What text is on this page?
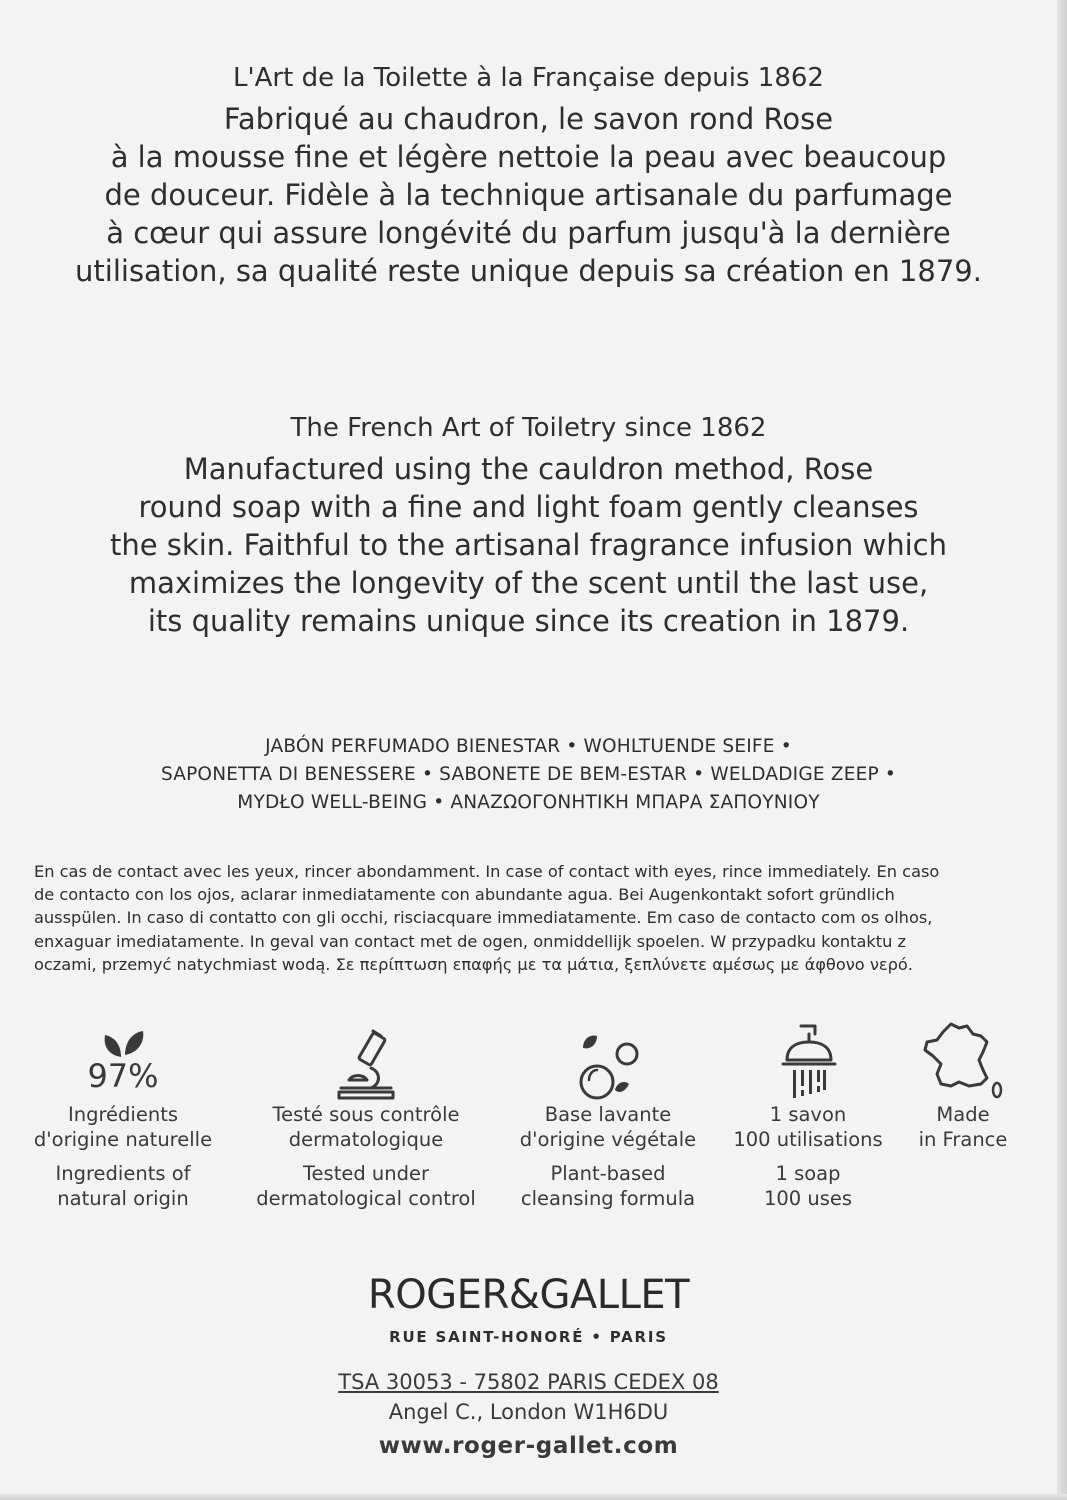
L'Art de la Toilette à la Française depuis 1862
Fabriqué au chaudron, le savon rond Rose
à la mousse fine et légère nettoie la peau avec beaucoup
de douceur. Fidèle à la technique artisanale du parfumage
à cœur qui assure longévité du parfum jusqu'à la dernière
utilisation, sa qualité reste unique depuis sa création en 1879.
The French Art of Toiletry since 1862
Manufactured using the cauldron method, Rose
round soap with a fine and light foam gently cleanses
the skin. Faithful to the artisanal fragrance infusion which
maximizes the longevity of the scent until the last use,
its quality remains unique since its creation in 1879.
JABÓN PERFUMADO BIENESTAR • WOHLTUENDE SEIFE •
SAPONETTA DI BENESSERE • SABONETE DE BEM-ESTAR • WELDADIGE ZEEP •
MYDŁO WELL-BEING • ΑΝΑΖΩΟΓΟΝΗΤΙΚΗ ΜΠΑΡΑ ΣΑΠΟΥΝΙΟΥ
En cas de contact avec les yeux, rincer abondamment. In case of contact with eyes, rince immediately. En caso
de contacto con los ojos, aclarar inmediatamente con abundante agua. Bei Augenkontakt sofort gründlich
ausspülen. In caso di contatto con gli occhi, risciacquare immediatamente. Em caso de contacto com os olhos,
enxaguar imediatamente. In geval van contact met de ogen, onmiddellijk spoelen. W przypadku kontaktu z
oczami, przemyć natychmiast wodą. Σε περίπτωση επαφής με τα μάτια, ξεπλύνετε αμέσως με άφθονο νερό.
97%
Ingrédients
d'origine naturelle
Ingredients of
natural origin
Testé sous contrôle
dermatologique
Tested under
dermatological control
Base lavante
d'origine végétale
Plant-based
cleansing formula
1 savon
100 utilisations
1 soap
100 uses
Made
in France
ROGER&GALLET
RUE SAINT-HONORÉ • PARIS
TSA 30053 - 75802 PARIS CEDEX 08
Angel C., London W1H6DU
www.roger-gallet.com
